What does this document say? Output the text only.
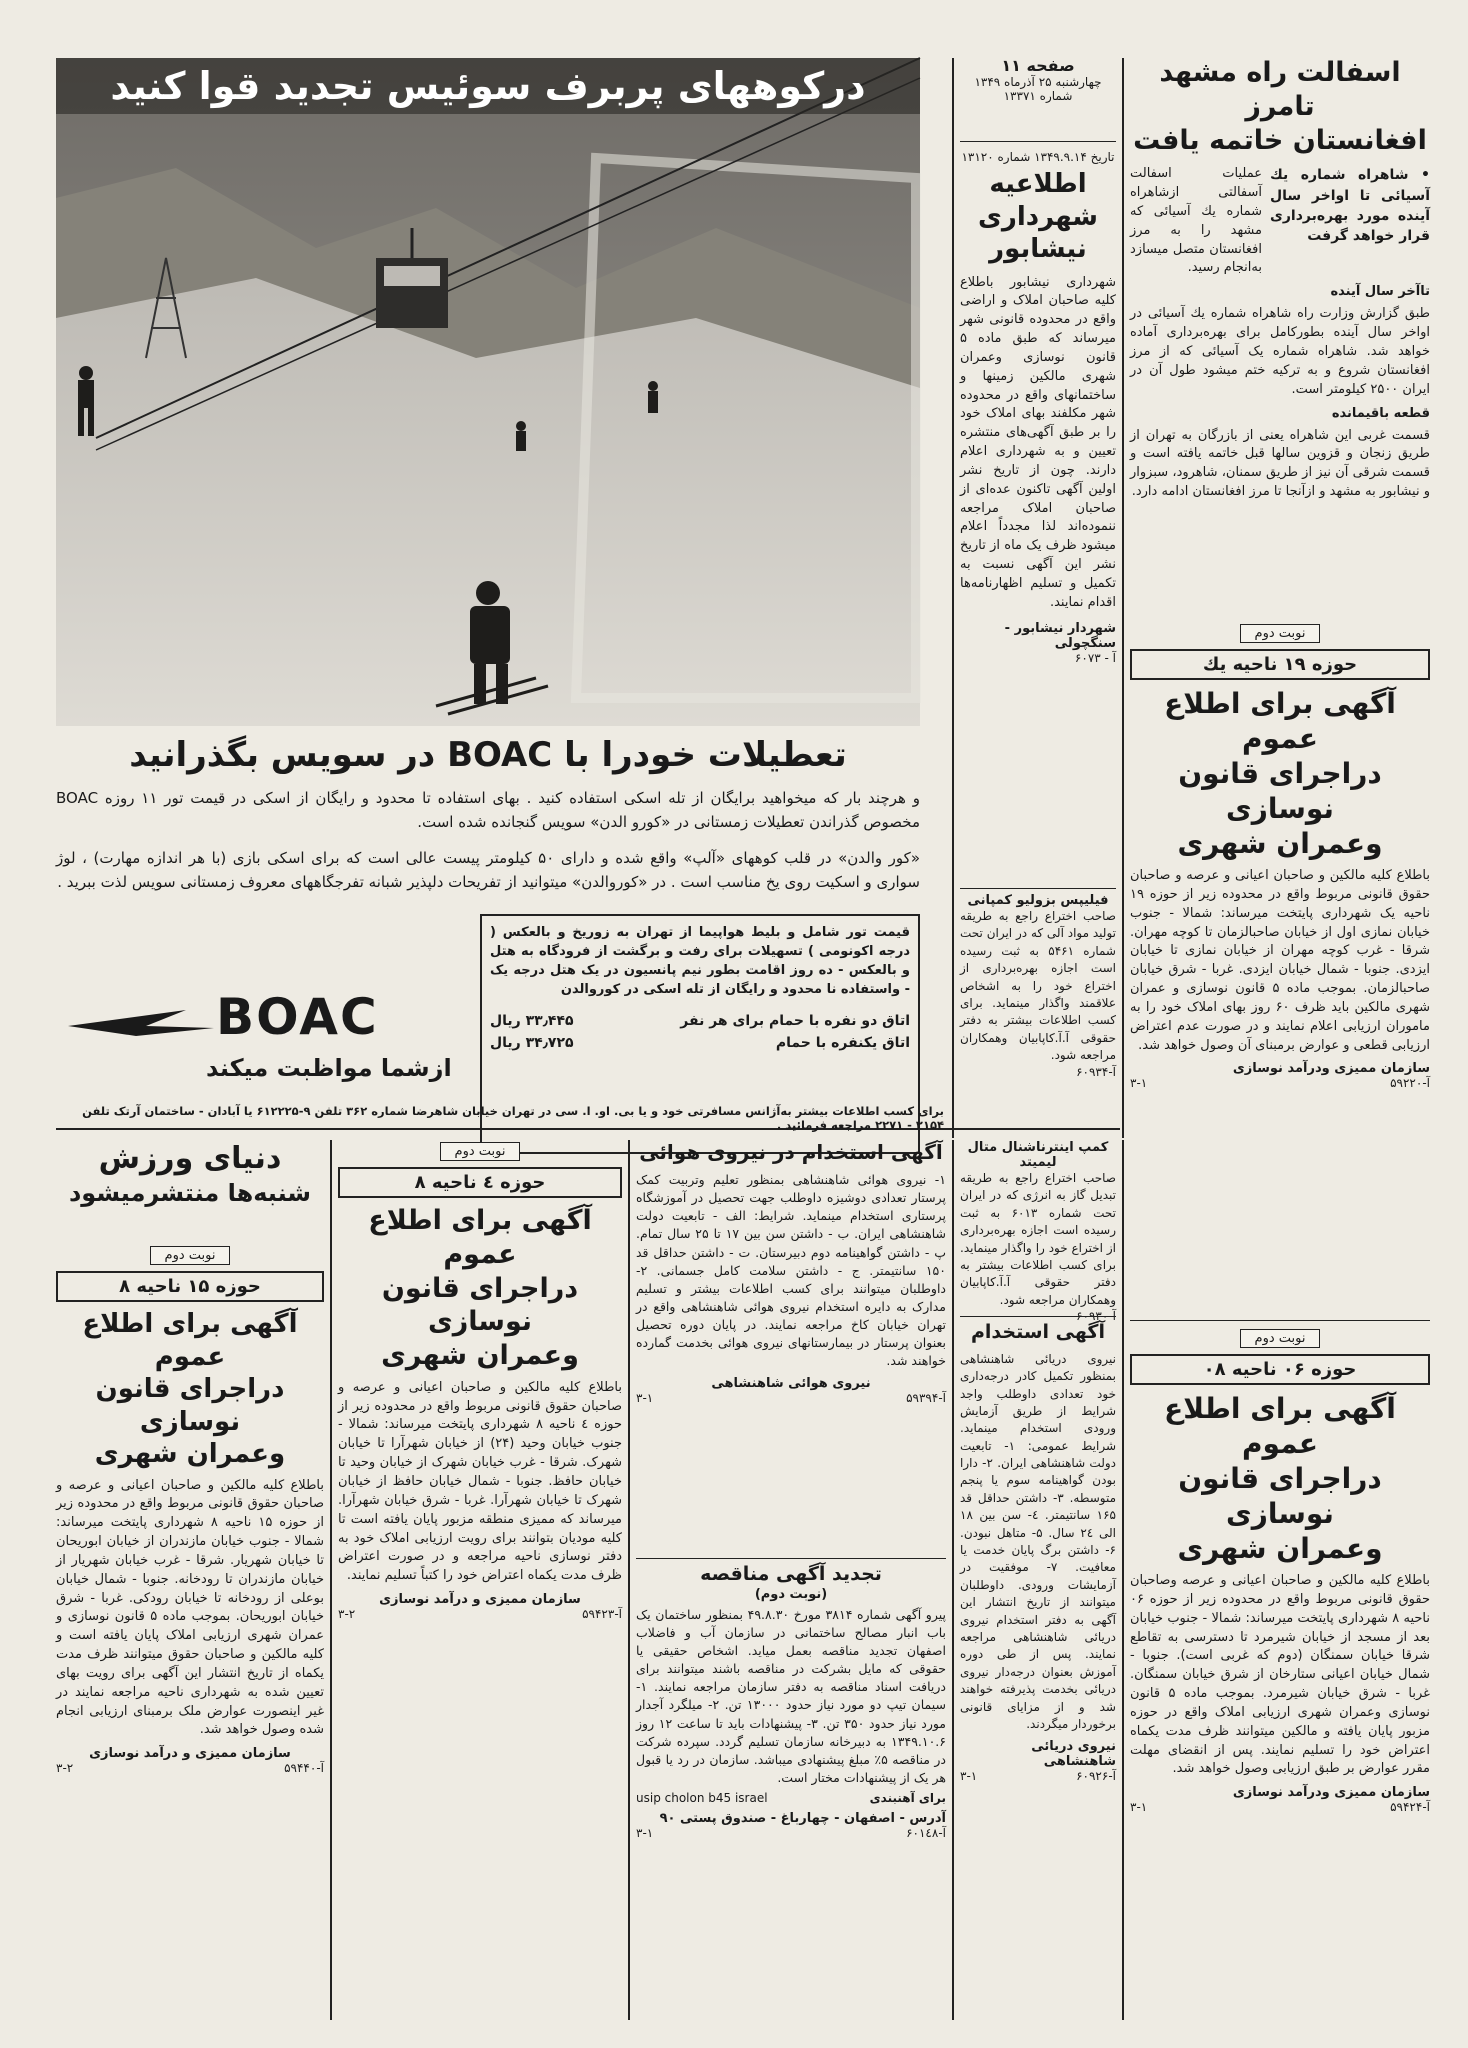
اسفالت راه مشهد تامرز
افغانستان خاتمه یافت
• شاهراه شماره یك آسیائی تا اواخر سال آینده مورد بهره‌برداری قرار خواهد گرفت
عملیات اسفالت آسفالتی ازشاهراه شماره یك آسیائی که مشهد را به مرز افغانستان متصل میسازد به‌انجام رسید.
تاآخر سال آینده
طبق گزارش وزارت راه شاهراه شماره یك آسیائی در اواخر سال آینده بطورکامل برای بهره‌برداری آماده خواهد شد. شاهراه شماره یک آسیائی که از مرز افغانستان شروع و به ترکیه ختم میشود طول آن در ایران ۲۵۰۰ کیلومتر است.
قطعه باقیمانده
قسمت غربی این شاهراه یعنی از بازرگان به تهران از طریق زنجان و قزوین سالها قبل خاتمه یافته است و قسمت شرقی آن نیز از طریق سمنان، شاهرود، سبزوار و نیشابور به مشهد و ازآنجا تا مرز افغانستان ادامه دارد.
صفحه ۱۱
چهارشنبه ۲۵ آذرماه ۱۳۴۹
شماره ۱۳۳۷۱
تاریخ ۱۳۴۹.۹.۱۴ شماره ۱۳۱۲۰
اطلاعیه
شهرداری
نیشابور
شهرداری نیشابور باطلاع کلیه صاحبان املاک و اراضی واقع در محدوده قانونی شهر میرساند که طبق ماده ۵ قانون نوسازی وعمران شهری مالکین زمینها و ساختمانهای واقع در محدوده شهر مکلفند بهای املاک خود را بر طبق آگهی‌های منتشره تعیین و به شهرداری اعلام دارند. چون از تاریخ نشر اولین آگهی تاکنون عده‌ای از صاحبان املاک مراجعه ننموده‌اند لذا مجدداً اعلام میشود ظرف یک ماه از تاریخ نشر این آگهی نسبت به تکمیل و تسلیم اظهارنامه‌ها اقدام نمایند.
شهردار نیشابور - سنگچولی
آ - ۶۰۷۳
فیلیپس بزولیو کمپانی
صاحب اختراع راجع به طریقه تولید مواد آلی که در ایران تحت شماره ۵۴۶۱ به ثبت رسیده است اجازه بهره‌برداری از اختراع خود را به اشخاص علاقمند واگذار مینماید. برای کسب اطلاعات بیشتر به دفتر حقوقی آ.آ.کاپابیان وهمکاران مراجعه شود.
آ-۶۰۹۳۴
درکوههای پربرف سوئیس تجدید قوا کنید
تعطیلات خودرا با BOAC در سویس بگذرانید
و هرچند بار که میخواهید برایگان از تله اسکی استفاده کنید . بهای استفاده تا محدود و رایگان از اسکی در قیمت تور ۱۱ روزه BOAC مخصوص گذراندن تعطیلات زمستانی در «کورو الدن» سویس گنجانده شده است.
«کور والدن» در قلب کوههای «آلپ» واقع شده و دارای ۵۰ کیلومتر پیست عالی است که برای اسکی بازی (با هر اندازه مهارت) ، لوژ سواری و اسکیت روی یخ مناسب است . در «کوروالدن» میتوانید از تفریحات دلپذیر شبانه تفرجگاههای معروف زمستانی سویس لذت ببرید .
قیمت تور شامل و بلیط هواپیما از تهران به زوریخ و بالعکس ( درجه اکونومی ) تسهیلات برای رفت و برگشت از فرودگاه به هتل و بالعکس - ده روز اقامت بطور نیم پانسیون در یک هتل درجه یک - واستفاده نا محدود و رایگان از تله اسکی در کوروالدن
اتاق دو نفره با حمام برای هر نفر
۳۳٫۴۴۵ ریال
اتاق یکنفره با حمام
۳۴٫۷۲۵ ریال
BOAC
ازشما مواظبت میکند
برای کسب اطلاعات بیشتر به‌آژانس مسافرتی خود و یا بی. او. ا. سی در تهران خیابان شاهرضا شماره ۳۶۲ تلفن ۹-۶۱۲۲۲۵ یا آبادان - ساختمان آرتک تلفن ۲۱۵۴ - ۲۲۷۱ مراجعه فرمائید .
نوبت دوم
حوزه ۱۹ ناحیه یك
آگهی برای اطلاع عموم
دراجرای قانون نوسازی
وعمران شهری
باطلاع کلیه مالکین و صاحبان اعیانی و عرصه و صاحبان حقوق قانونی مربوط واقع در محدوده زیر از حوزه ۱۹ ناحیه یک شهرداری پایتخت میرساند: شمالا - جنوب خیابان نمازی اول از خیابان صاحبالزمان تا کوچه مهران. شرقا - غرب کوچه مهران از خیابان نمازی تا خیابان ایزدی. جنوبا - شمال خیابان ایزدی. غربا - شرق خیابان صاحبالزمان. بموجب ماده ۵ قانون نوسازی و عمران شهری مالکین باید ظرف ۶۰ روز بهای املاک خود را به ماموران ارزیابی اعلام نمایند و در صورت عدم اعتراض ارزیابی قطعی و عوارض برمبنای آن وصول خواهد شد.
سازمان ممیزی ودرآمد نوسازی
آ-۵۹۲۲۰
۳-۱
نوبت دوم
حوزه ۰۶ ناحیه ۰۸
آگهی برای اطلاع عموم
دراجرای قانون نوسازی
وعمران شهری
باطلاع کلیه مالکین و صاحبان اعیانی و عرصه وصاحبان حقوق قانونی مربوط واقع در محدوده زیر از حوزه ۰۶ ناحیه ۸ شهرداری پایتخت میرساند: شمالا - جنوب خیابان بعد از مسجد از خیابان شیرمرد تا دسترسی به تقاطع شرقا خیابان سمنگان (دوم که غربی است). جنوبا - شمال خیابان اعیانی ستارخان از شرق خیابان سمنگان. غربا - شرق خیابان شیرمرد. بموجب ماده ۵ قانون نوسازی وعمران شهری ارزیابی املاک واقع در حوزه مزبور پایان یافته و مالکین میتوانند ظرف مدت یکماه اعتراض خود را تسلیم نمایند. پس از انقضای مهلت مقرر عوارض بر طبق ارزیابی وصول خواهد شد.
سازمان ممیزی ودرآمد نوسازی
آ-۵۹۴۲۴
۳-۱
کمپ اینترناشنال متال لیمیتد
صاحب اختراع راجع به طریقه تبدیل گاز به انرژی که در ایران تحت شماره ۶۰۱۳ به ثبت رسیده است اجازه بهره‌برداری از اختراع خود را واگذار مینماید. برای کسب اطلاعات بیشتر به دفتر حقوقی آ.آ.کاپابیان وهمکاران مراجعه شود.
آ-۶۰۹۳۰
آگهی استخدام
نیروی دریائی شاهنشاهی بمنظور تکمیل کادر درجه‌داری خود تعدادی داوطلب واجد شرایط از طریق آزمایش ورودی استخدام مینماید. شرایط عمومی: ۱- تابعیت دولت شاهنشاهی ایران. ۲- دارا بودن گواهینامه سوم یا پنجم متوسطه. ۳- داشتن حداقل قد ۱۶۵ سانتیمتر. ٤- سن بین ۱۸ الی ۲٤ سال. ۵- متاهل نبودن. ۶- داشتن برگ پایان خدمت یا معافیت. ۷- موفقیت در آزمایشات ورودی. داوطلبان میتوانند از تاریخ انتشار این آگهی به دفتر استخدام نیروی دریائی شاهنشاهی مراجعه نمایند. پس از طی دوره آموزش بعنوان درجه‌دار نیروی دریائی بخدمت پذیرفته خواهند شد و از مزایای قانونی برخوردار میگردند.
نیروی دریائی شاهنشاهی
آ-۶۰۹۲۶
۳-۱
آگهی استخدام در نیروی هوائی
۱- نیروی هوائی شاهنشاهی بمنظور تعلیم وتربیت کمک پرستار تعدادی دوشیزه داوطلب جهت تحصیل در آموزشگاه پرستاری استخدام مینماید. شرایط: الف - تابعیت دولت شاهنشاهی ایران. ب - داشتن سن بین ۱۷ تا ۲۵ سال تمام. پ - داشتن گواهینامه دوم دبیرستان. ت - داشتن حداقل قد ۱۵۰ سانتیمتر. ج - داشتن سلامت کامل جسمانی. ۲- داوطلبان میتوانند برای کسب اطلاعات بیشتر و تسلیم مدارک به دایره استخدام نیروی هوائی شاهنشاهی واقع در تهران خیابان کاخ مراجعه نمایند. در پایان دوره تحصیل بعنوان پرستار در بیمارستانهای نیروی هوائی بخدمت گمارده خواهند شد.
نیروی هوائی شاهنشاهی
آ-۵۹۳۹۴
۳-۱
تجدید آگهی مناقصه
(نوبت دوم)
پیرو آگهی شماره ۳۸۱۴ مورخ ۴۹.۸.۳۰ بمنظور ساختمان یک باب انبار مصالح ساختمانی در سازمان آب و فاضلاب اصفهان تجدید مناقصه بعمل میاید. اشخاص حقیقی یا حقوقی که مایل بشرکت در مناقصه باشند میتوانند برای دریافت اسناد مناقصه به دفتر سازمان مراجعه نمایند. ۱- سیمان تیپ دو مورد نیاز حدود ۱۳۰۰۰ تن. ۲- میلگرد آجدار مورد نیاز حدود ۳۵۰ تن. ۳- پیشنهادات باید تا ساعت ۱۲ روز ۱۳۴۹.۱۰.۶ به دبیرخانه سازمان تسلیم گردد. سپرده شرکت در مناقصه ۵٪ مبلغ پیشنهادی میباشد. سازمان در رد یا قبول هر یک از پیشنهادات مختار است.
برای آهنبندی
usip cholon b45 israel
آدرس - اصفهان - چهارباغ - صندوق پستی ۹۰
آ-۶۰۱٤۸
۳-۱
نوبت دوم
حوزه ٤ ناحیه ۸
آگهی برای اطلاع عموم
دراجرای قانون نوسازی
وعمران شهری
باطلاع کلیه مالکین و صاحبان اعیانی و عرصه و صاحبان حقوق قانونی مربوط واقع در محدوده زیر از حوزه ٤ ناحیه ۸ شهرداری پایتخت میرساند: شمالا - جنوب خیابان وحید (۲۴) از خیابان شهرآرا تا خیابان شهرک. شرقا - غرب خیابان شهرک از خیابان وحید تا خیابان حافظ. جنوبا - شمال خیابان حافظ از خیابان شهرک تا خیابان شهرآرا. غربا - شرق خیابان شهرآرا. میرساند که ممیزی منطقه مزبور پایان یافته است تا کلیه مودیان بتوانند برای رویت ارزیابی املاک خود به دفتر نوسازی ناحیه مراجعه و در صورت اعتراض ظرف مدت یکماه اعتراض خود را کتباً تسلیم نمایند.
سازمان ممیزی و درآمد نوسازی
آ-۵۹۴۲۳
۳-۲
دنیای ورزش
شنبه‌ها منتشرمیشود
نوبت دوم
حوزه ۱۵ ناحیه ۸
آگهی برای اطلاع عموم
دراجرای قانون نوسازی
وعمران شهری
باطلاع کلیه مالکین و صاحبان اعیانی و عرصه و صاحبان حقوق قانونی مربوط واقع در محدوده زیر از حوزه ۱۵ ناحیه ۸ شهرداری پایتخت میرساند: شمالا - جنوب خیابان مازندران از خیابان ابوریحان تا خیابان شهریار. شرقا - غرب خیابان شهریار از خیابان مازندران تا رودخانه. جنوبا - شمال خیابان بوعلی از رودخانه تا خیابان رودکی. غربا - شرق خیابان ابوریحان. بموجب ماده ۵ قانون نوسازی و عمران شهری ارزیابی املاک پایان یافته است و کلیه مالکین و صاحبان حقوق میتوانند ظرف مدت یکماه از تاریخ انتشار این آگهی برای رویت بهای تعیین شده به شهرداری ناحیه مراجعه نمایند در غیر اینصورت عوارض ملک برمبنای ارزیابی انجام شده وصول خواهد شد.
سازمان ممیزی و درآمد نوسازی
آ-۵۹۴۴۰
۳-۲
